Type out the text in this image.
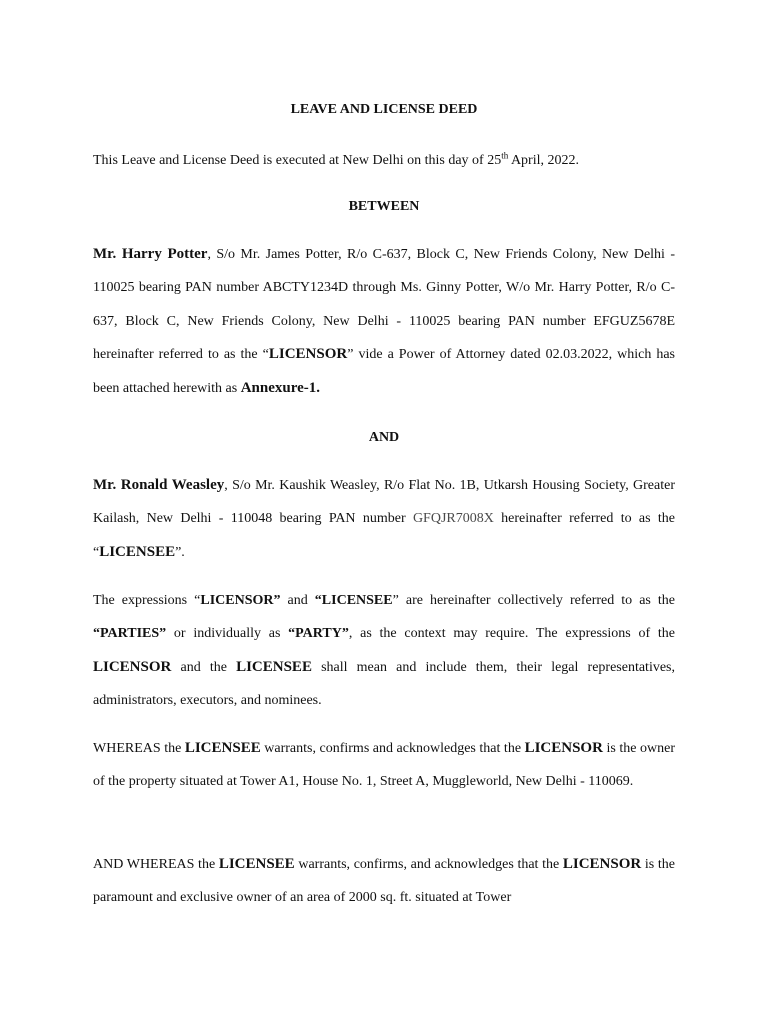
LEAVE AND LICENSE DEED
This Leave and License Deed is executed at New Delhi on this day of 25th April, 2022.
BETWEEN
Mr. Harry Potter, S/o Mr. James Potter, R/o C-637, Block C, New Friends Colony, New Delhi - 110025 bearing PAN number ABCTY1234D through Ms. Ginny Potter, W/o Mr. Harry Potter, R/o C-637, Block C, New Friends Colony, New Delhi - 110025 bearing PAN number EFGUZ5678E hereinafter referred to as the “LICENSOR” vide a Power of Attorney dated 02.03.2022, which has been attached herewith as Annexure-1.
AND
Mr. Ronald Weasley, S/o Mr. Kaushik Weasley, R/o Flat No. 1B, Utkarsh Housing Society, Greater Kailash, New Delhi - 110048 bearing PAN number GFQJR7008X hereinafter referred to as the “LICENSEE”.
The expressions “LICENSOR” and “LICENSEE” are hereinafter collectively referred to as the “PARTIES” or individually as “PARTY”, as the context may require. The expressions of the LICENSOR and the LICENSEE shall mean and include them, their legal representatives, administrators, executors, and nominees.
WHEREAS the LICENSEE warrants, confirms and acknowledges that the LICENSOR is the owner of the property situated at Tower A1, House No. 1, Street A, Muggleworld, New Delhi - 110069.
AND WHEREAS the LICENSEE warrants, confirms, and acknowledges that the LICENSOR is the paramount and exclusive owner of an area of 2000 sq. ft. situated at Tower
